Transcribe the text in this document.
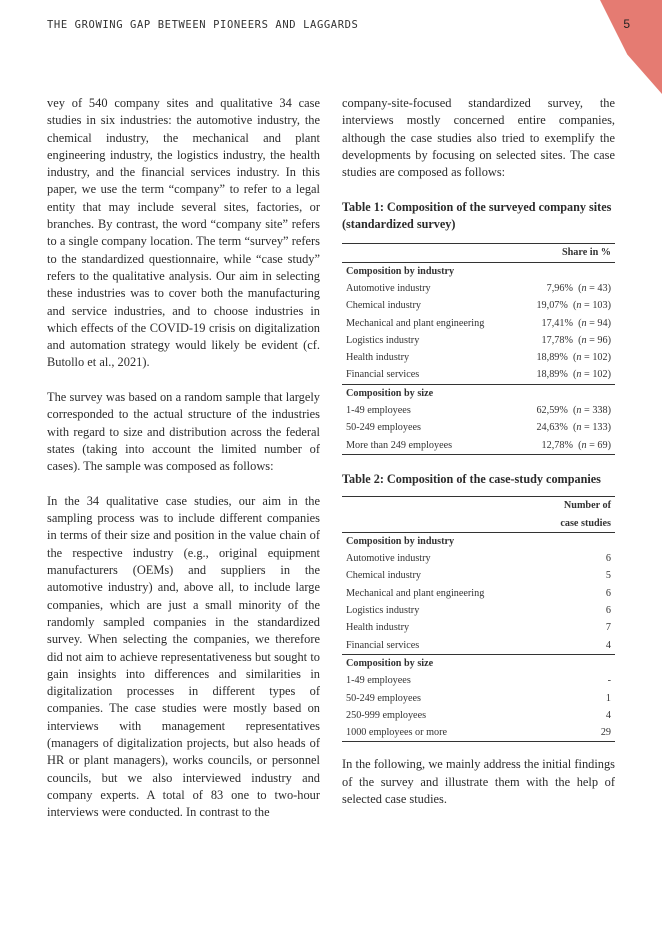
THE GROWING GAP BETWEEN PIONEERS AND LAGGARDS	5

vey of 540 company sites and qualitative 34 case studies in six industries: the automotive industry, the chemical industry, the mechanical and plant engineering industry, the logistics industry, the health industry, and the financial services industry. In this paper, we use the term “company” to refer to a legal entity that may include several sites, factories, or branches. By contrast, the word “company site” refers to a single company location. The term “survey” refers to the standardized questionnaire, while “case study” refers to the qualitative analysis. Our aim in selecting these industries was to cover both the manufacturing and service industries, and to choose industries in which effects of the COVID-19 crisis on digitalization and automation strategy would likely be evident (cf. Butollo et al., 2021).

The survey was based on a random sample that largely corresponded to the actual structure of the industries with regard to size and distribution across the federal states (taking into account the limited number of cases). The sample was composed as follows:

In the 34 qualitative case studies, our aim in the sampling process was to include different companies in terms of their size and position in the value chain of the respective industry (e.g., original equipment manufacturers (OEMs) and suppliers in the automotive industry) and, above all, to include large companies, which are just a small minority of the randomly sampled companies in the standardized survey. When selecting the companies, we therefore did not aim to achieve representativeness but sought to gain insights into differences and similarities in digitalization processes in different types of companies. The case studies were mostly based on interviews with management representatives (managers of digitalization projects, but also heads of HR or plant managers), works councils, or personnel councils, but we also interviewed industry and company experts. A total of 83 one to two-hour interviews were conducted. In contrast to the

company-site-focused standardized survey, the interviews mostly concerned entire companies, although the case studies also tried to exemplify the developments by focusing on selected sites. The case studies are composed as follows:

Table 1: Composition of the surveyed company sites (standardized survey)

	Share in %
Composition by industry	
Automotive industry	7,96%  (n = 43)
Chemical industry	19,07%  (n = 103)
Mechanical and plant engineering	17,41%  (n = 94)
Logistics industry	17,78%  (n = 96)
Health industry	18,89%  (n = 102)
Financial services	18,89%  (n = 102)
Composition by size	
1-49 employees	62,59%  (n = 338)
50-249 employees	24,63%  (n = 133)
More than 249 employees	12,78%  (n = 69)

Table 2: Composition of the case-study companies

	Number of
	case studies
Composition by industry	
Automotive industry	6
Chemical industry	5
Mechanical and plant engineering	6
Logistics industry	6
Health industry	7
Financial services	4
Composition by size	
1-49 employees	-
50-249 employees	1
250-999 employees	4
1000 employees or more	29

In the following, we mainly address the initial findings of the survey and illustrate them with the help of selected case studies.
